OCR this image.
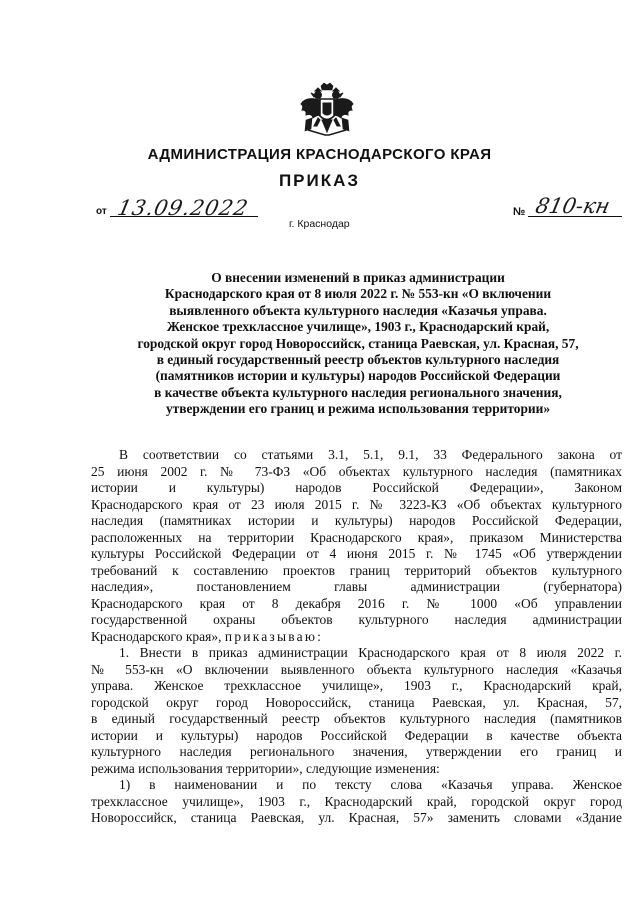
АДМИНИСТРАЦИЯ КРАСНОДАРСКОГО КРАЯ
ПРИКАЗ
от 13.09.2022
г. Краснодар
№ 810-кн
О внесении изменений в приказ администрации
Краснодарского края от 8 июля 2022 г. № 553-кн «О включении
выявленного объекта культурного наследия «Казачья управа.
Женское трехклассное училище», 1903 г., Краснодарский край,
городской округ город Новороссийск, станица Раевская, ул. Красная, 57,
в единый государственный реестр объектов культурного наследия
(памятников истории и культуры) народов Российской Федерации
в качестве объекта культурного наследия регионального значения,
утверждении его границ и режима использования территории»
В соответствии со статьями 3.1, 5.1, 9.1, 33 Федерального закона от
25 июня 2002 г. № 73-ФЗ «Об объектах культурного наследия (памятниках
истории и культуры) народов Российской Федерации», Законом
Краснодарского края от 23 июля 2015 г. № 3223-КЗ «Об объектах культурного
наследия (памятниках истории и культуры) народов Российской Федерации,
расположенных на территории Краснодарского края», приказом Министерства
культуры Российской Федерации от 4 июня 2015 г. № 1745 «Об утверждении
требований к составлению проектов границ территорий объектов культурного
наследия», постановлением главы администрации (губернатора)
Краснодарского края от 8 декабря 2016 г. № 1000 «Об управлении
государственной охраны объектов культурного наследия администрации
Краснодарского края», приказываю:
1. Внести в приказ администрации Краснодарского края от 8 июля 2022 г.
№ 553-кн «О включении выявленного объекта культурного наследия «Казачья
управа. Женское трехклассное училище», 1903 г., Краснодарский край,
городской округ город Новороссийск, станица Раевская, ул. Красная, 57,
в единый государственный реестр объектов культурного наследия (памятников
истории и культуры) народов Российской Федерации в качестве объекта
культурного наследия регионального значения, утверждении его границ и
режима использования территории», следующие изменения:
1) в наименовании и по тексту слова «Казачья управа. Женское
трехклассное училище», 1903 г., Краснодарский край, городской округ город
Новороссийск, станица Раевская, ул. Красная, 57» заменить словами «Здание
